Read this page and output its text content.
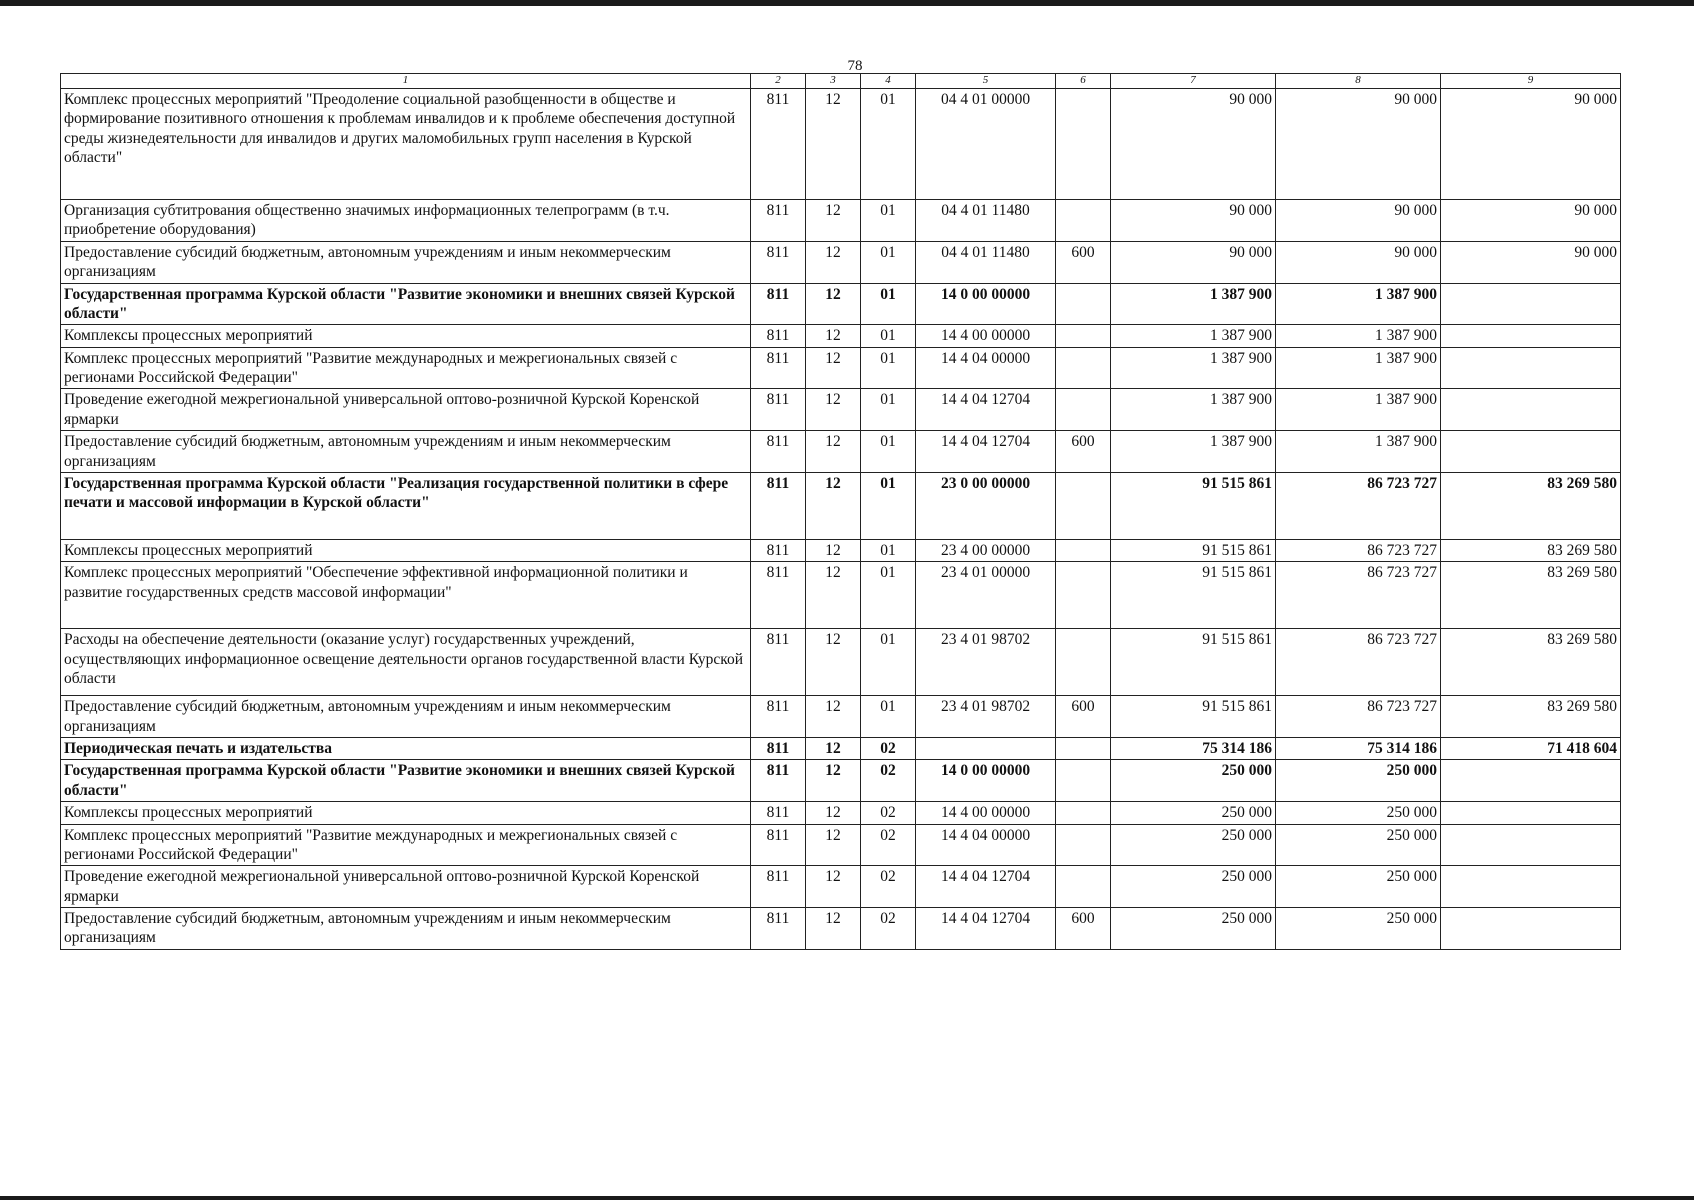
78
1	2	3	4	5	6	7	8	9
Комплекс процессных мероприятий "Преодоление социальной разобщенности в обществе и формирование позитивного отношения к проблемам инвалидов и к проблеме обеспечения доступной среды жизнедеятельности для инвалидов и других маломобильных групп населения в Курской области"	811	12	01	04 4 01 00000		90 000	90 000	90 000
Организация субтитрования общественно значимых информационных телепрограмм (в т.ч. приобретение оборудования)	811	12	01	04 4 01 11480		90 000	90 000	90 000
Предоставление субсидий бюджетным, автономным учреждениям и иным некоммерческим организациям	811	12	01	04 4 01 11480	600	90 000	90 000	90 000
Государственная программа Курской области "Развитие экономики и внешних связей Курской области"	811	12	01	14 0 00 00000		1 387 900	1 387 900	
Комплексы процессных мероприятий	811	12	01	14 4 00 00000		1 387 900	1 387 900	
Комплекс процессных мероприятий "Развитие международных и межрегиональных связей с регионами Российской Федерации"	811	12	01	14 4 04 00000		1 387 900	1 387 900	
Проведение ежегодной межрегиональной универсальной оптово-розничной Курской Коренской ярмарки	811	12	01	14 4 04 12704		1 387 900	1 387 900	
Предоставление субсидий бюджетным, автономным учреждениям и иным некоммерческим организациям	811	12	01	14 4 04 12704	600	1 387 900	1 387 900	
Государственная программа Курской области "Реализация государственной политики в сфере печати и массовой информации в Курской области"	811	12	01	23 0 00 00000		91 515 861	86 723 727	83 269 580
Комплексы процессных мероприятий	811	12	01	23 4 00 00000		91 515 861	86 723 727	83 269 580
Комплекс процессных мероприятий "Обеспечение эффективной информационной политики и развитие государственных средств массовой информации"	811	12	01	23 4 01 00000		91 515 861	86 723 727	83 269 580
Расходы на обеспечение деятельности (оказание услуг) государственных учреждений, осуществляющих информационное освещение деятельности органов государственной власти Курской области	811	12	01	23 4 01 98702		91 515 861	86 723 727	83 269 580
Предоставление субсидий бюджетным, автономным учреждениям и иным некоммерческим организациям	811	12	01	23 4 01 98702	600	91 515 861	86 723 727	83 269 580
Периодическая печать и издательства	811	12	02			75 314 186	75 314 186	71 418 604
Государственная программа Курской области "Развитие экономики и внешних связей Курской области"	811	12	02	14 0 00 00000		250 000	250 000	
Комплексы процессных мероприятий	811	12	02	14 4 00 00000		250 000	250 000	
Комплекс процессных мероприятий "Развитие международных и межрегиональных связей с регионами Российской Федерации"	811	12	02	14 4 04 00000		250 000	250 000	
Проведение ежегодной межрегиональной универсальной оптово-розничной Курской Коренской ярмарки	811	12	02	14 4 04 12704		250 000	250 000	
Предоставление субсидий бюджетным, автономным учреждениям и иным некоммерческим организациям	811	12	02	14 4 04 12704	600	250 000	250 000	
